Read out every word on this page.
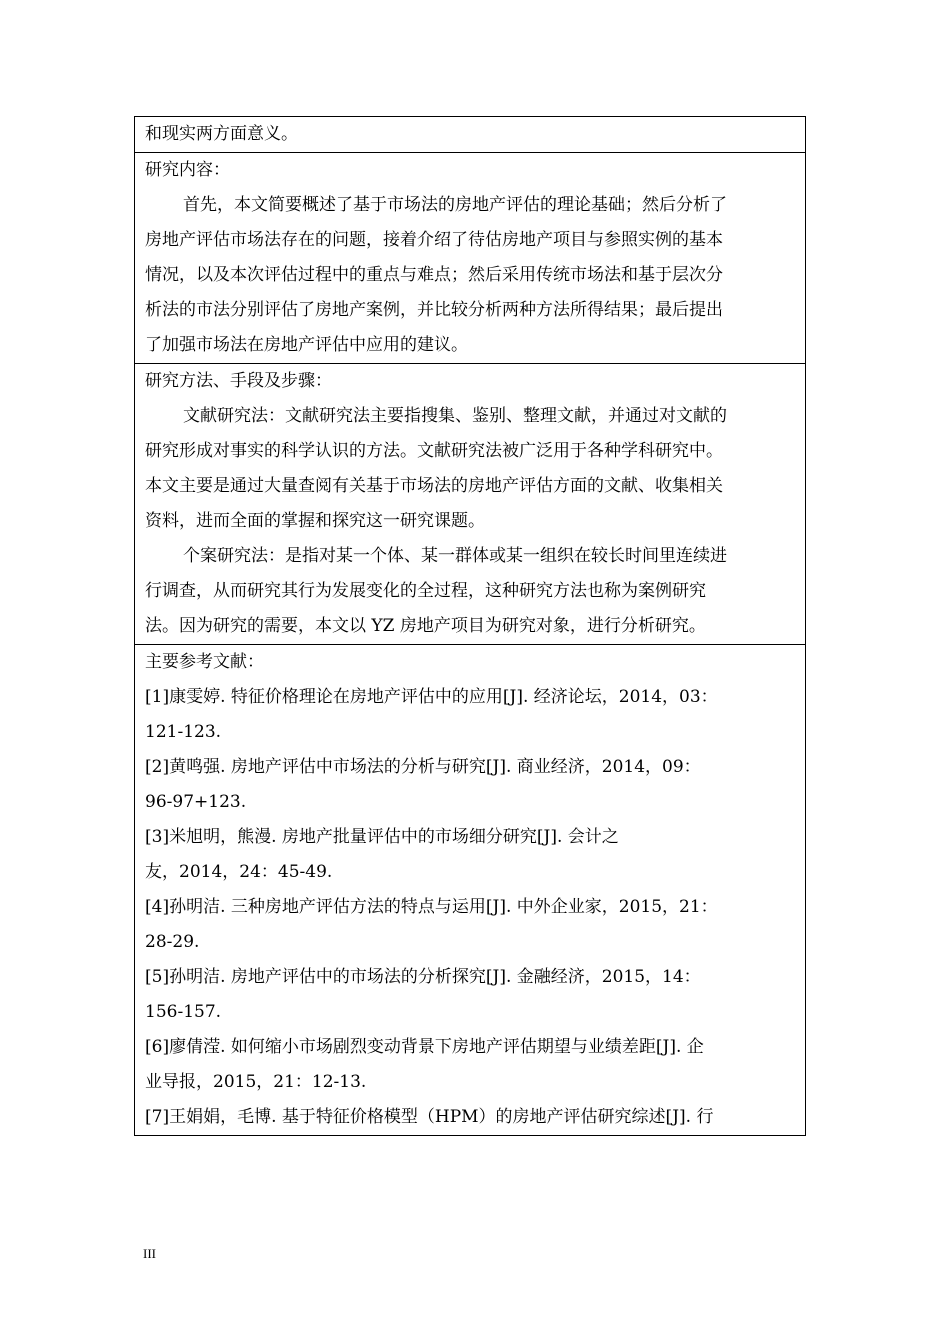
和现实两方面意义。

研究内容：
首先，本文简要概述了基于市场法的房地产评估的理论基础；然后分析了
房地产评估市场法存在的问题，接着介绍了待估房地产项目与参照实例的基本
情况，以及本次评估过程中的重点与难点；然后采用传统市场法和基于层次分
析法的市法分别评估了房地产案例，并比较分析两种方法所得结果；最后提出
了加强市场法在房地产评估中应用的建议。

研究方法、手段及步骤：
文献研究法：文献研究法主要指搜集、鉴别、整理文献，并通过对文献的
研究形成对事实的科学认识的方法。文献研究法被广泛用于各种学科研究中。
本文主要是通过大量查阅有关基于市场法的房地产评估方面的文献、收集相关
资料，进而全面的掌握和探究这一研究课题。
个案研究法：是指对某一个体、某一群体或某一组织在较长时间里连续进
行调查，从而研究其行为发展变化的全过程，这种研究方法也称为案例研究
法。因为研究的需要，本文以 YZ 房地产项目为研究对象，进行分析研究。

主要参考文献：
[1]康雯婷. 特征价格理论在房地产评估中的应用[J]. 经济论坛，2014，03：
121-123.
[2]黄鸣强. 房地产评估中市场法的分析与研究[J]. 商业经济，2014，09：
96-97+123.
[3]米旭明，熊漫. 房地产批量评估中的市场细分研究[J]. 会计之
友，2014，24：45-49.
[4]孙明洁. 三种房地产评估方法的特点与运用[J]. 中外企业家，2015，21：
28-29.
[5]孙明洁. 房地产评估中的市场法的分析探究[J]. 金融经济，2015，14：
156-157.
[6]廖倩滢. 如何缩小市场剧烈变动背景下房地产评估期望与业绩差距[J]. 企
业导报，2015，21：12-13.
[7]王娟娟，毛博. 基于特征价格模型（HPM）的房地产评估研究综述[J]. 行
III
